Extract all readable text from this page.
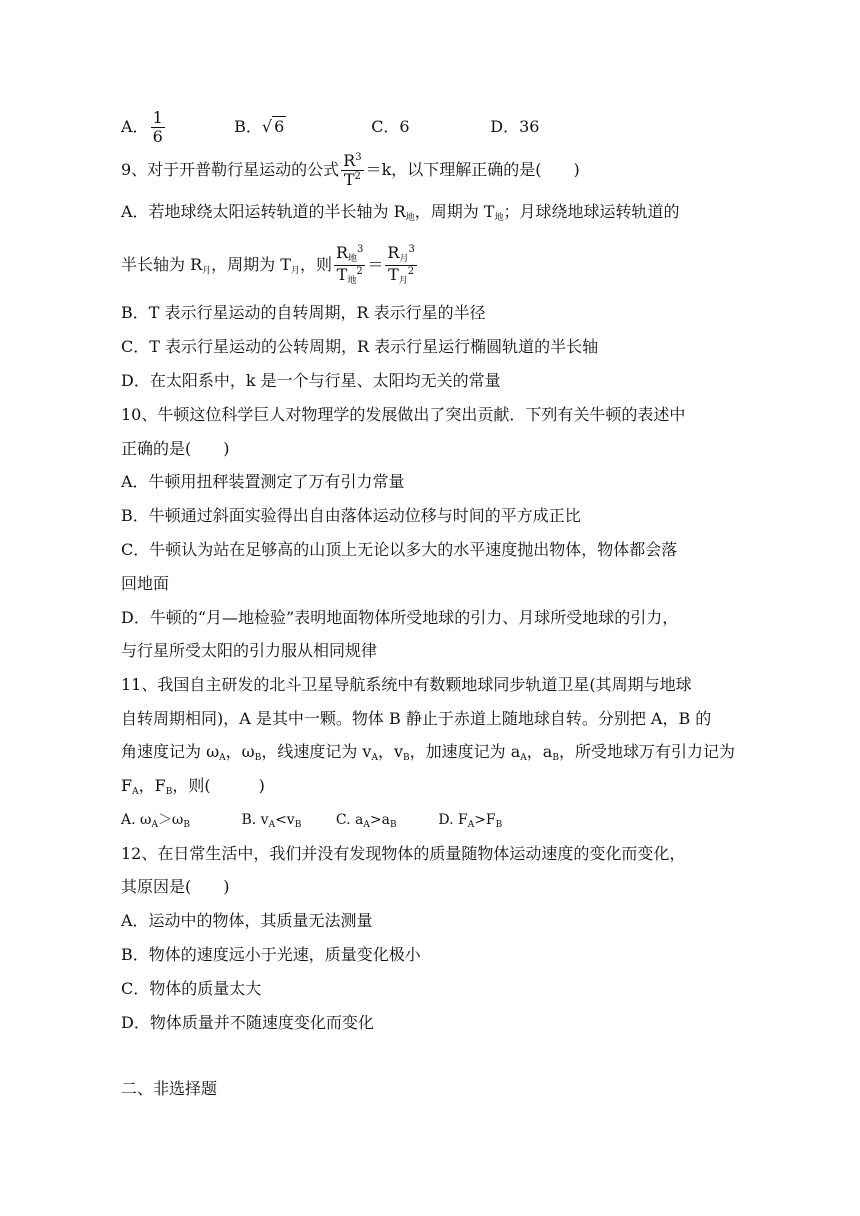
A． $\frac{1}{6}$	B．√ 6	C．6	D．36
9、对于开普勒行星运动的公式 $\frac{R^3}{T^2} =k$，以下理解正确的是(　　)
A．若地球绕太阳运转轨道的半长轴为 $R_地$，周期为 $T_地$；月球绕地球运转轨道的
半长轴为 $R_月$，周期为 $T_月$，则 $\frac{R_地^3}{T_地^2} = \frac{R_月^3}{T_月^2}$
B．T 表示行星运动的自转周期，R 表示行星的半径
C．T 表示行星运动的公转周期，R 表示行星运行椭圆轨道的半长轴
D．在太阳系中，k 是一个与行星、太阳均无关的常量
10、牛顿这位科学巨人对物理学的发展做出了突出贡献．下列有关牛顿的表述中
正确的是(　　)
A．牛顿用扭秤装置测定了万有引力常量
B．牛顿通过斜面实验得出自由落体运动位移与时间的平方成正比
C．牛顿认为站在足够高的山顶上无论以多大的水平速度抛出物体，物体都会落
回地面
D．牛顿的“月—地检验”表明地面物体所受地球的引力、月球所受地球的引力，
与行星所受太阳的引力服从相同规律
11、我国自主研发的北斗卫星导航系统中有数颗地球同步轨道卫星(其周期与地球
自转周期相同)，A 是其中一颗。物体 B 静止于赤道上随地球自转。分别把 A，B 的
角速度记为 $\omega_A$，$\omega_B$，线速度记为 $v_A$，$v_B$，加速度记为 $a_A$，$a_B$，所受地球万有引力记为
$F_A$，$F_B$，则(　　　)
A. $\omega_A>\omega_B$	B. $v_A<v_B$ C. $a_A>a_B$	D. $F_A>F_B$
12、在日常生活中，我们并没有发现物体的质量随物体运动速度的变化而变化，
其原因是(　　)
A．运动中的物体，其质量无法测量
B．物体的速度远小于光速，质量变化极小
C．物体的质量太大
D．物体质量并不随速度变化而变化
二、非选择题
